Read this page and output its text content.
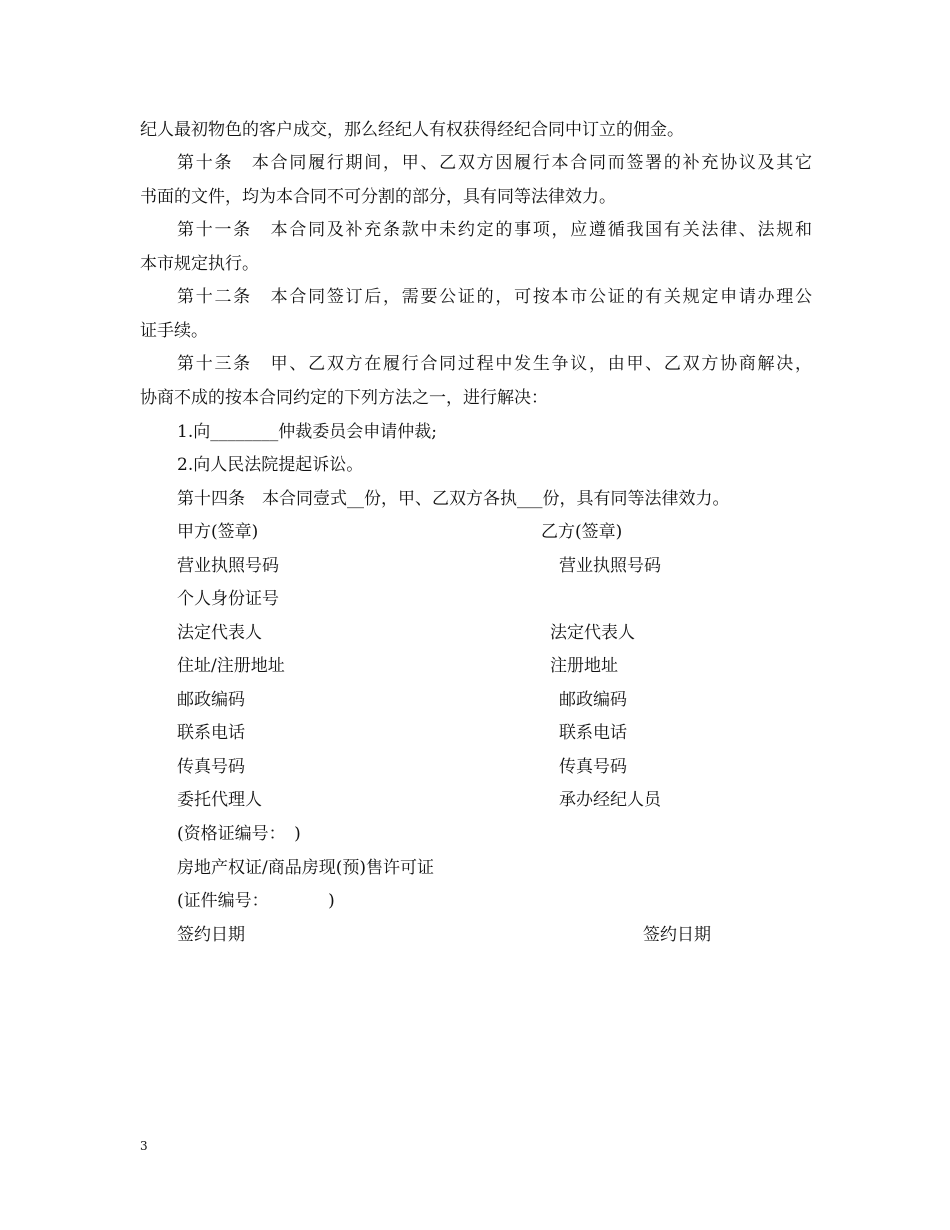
纪人最初物色的客户成交，那么经纪人有权获得经纪合同中订立的佣金。
第十条　本合同履行期间，甲、乙双方因履行本合同而签署的补充协议及其它
书面的文件，均为本合同不可分割的部分，具有同等法律效力。
第十一条　本合同及补充条款中未约定的事项，应遵循我国有关法律、法规和
本市规定执行。
第十二条　本合同签订后，需要公证的，可按本市公证的有关规定申请办理公
证手续。
第十三条　甲、乙双方在履行合同过程中发生争议，由甲、乙双方协商解决，
协商不成的按本合同约定的下列方法之一，进行解决：
1.向________仲裁委员会申请仲裁;
2.向人民法院提起诉讼。
第十四条　本合同壹式__份，甲、乙双方各执___份，具有同等法律效力。
甲方(签章)
营业执照号码
个人身份证号
法定代表人
住址/注册地址
邮政编码
联系电话
传真号码
委托代理人
(资格证编号：　)
房地产权证/商品房现(预)售许可证
(证件编号：　　　　)
签约日期
乙方(签章)
营业执照号码
法定代表人
注册地址
邮政编码
联系电话
传真号码
承办经纪人员
签约日期
3
